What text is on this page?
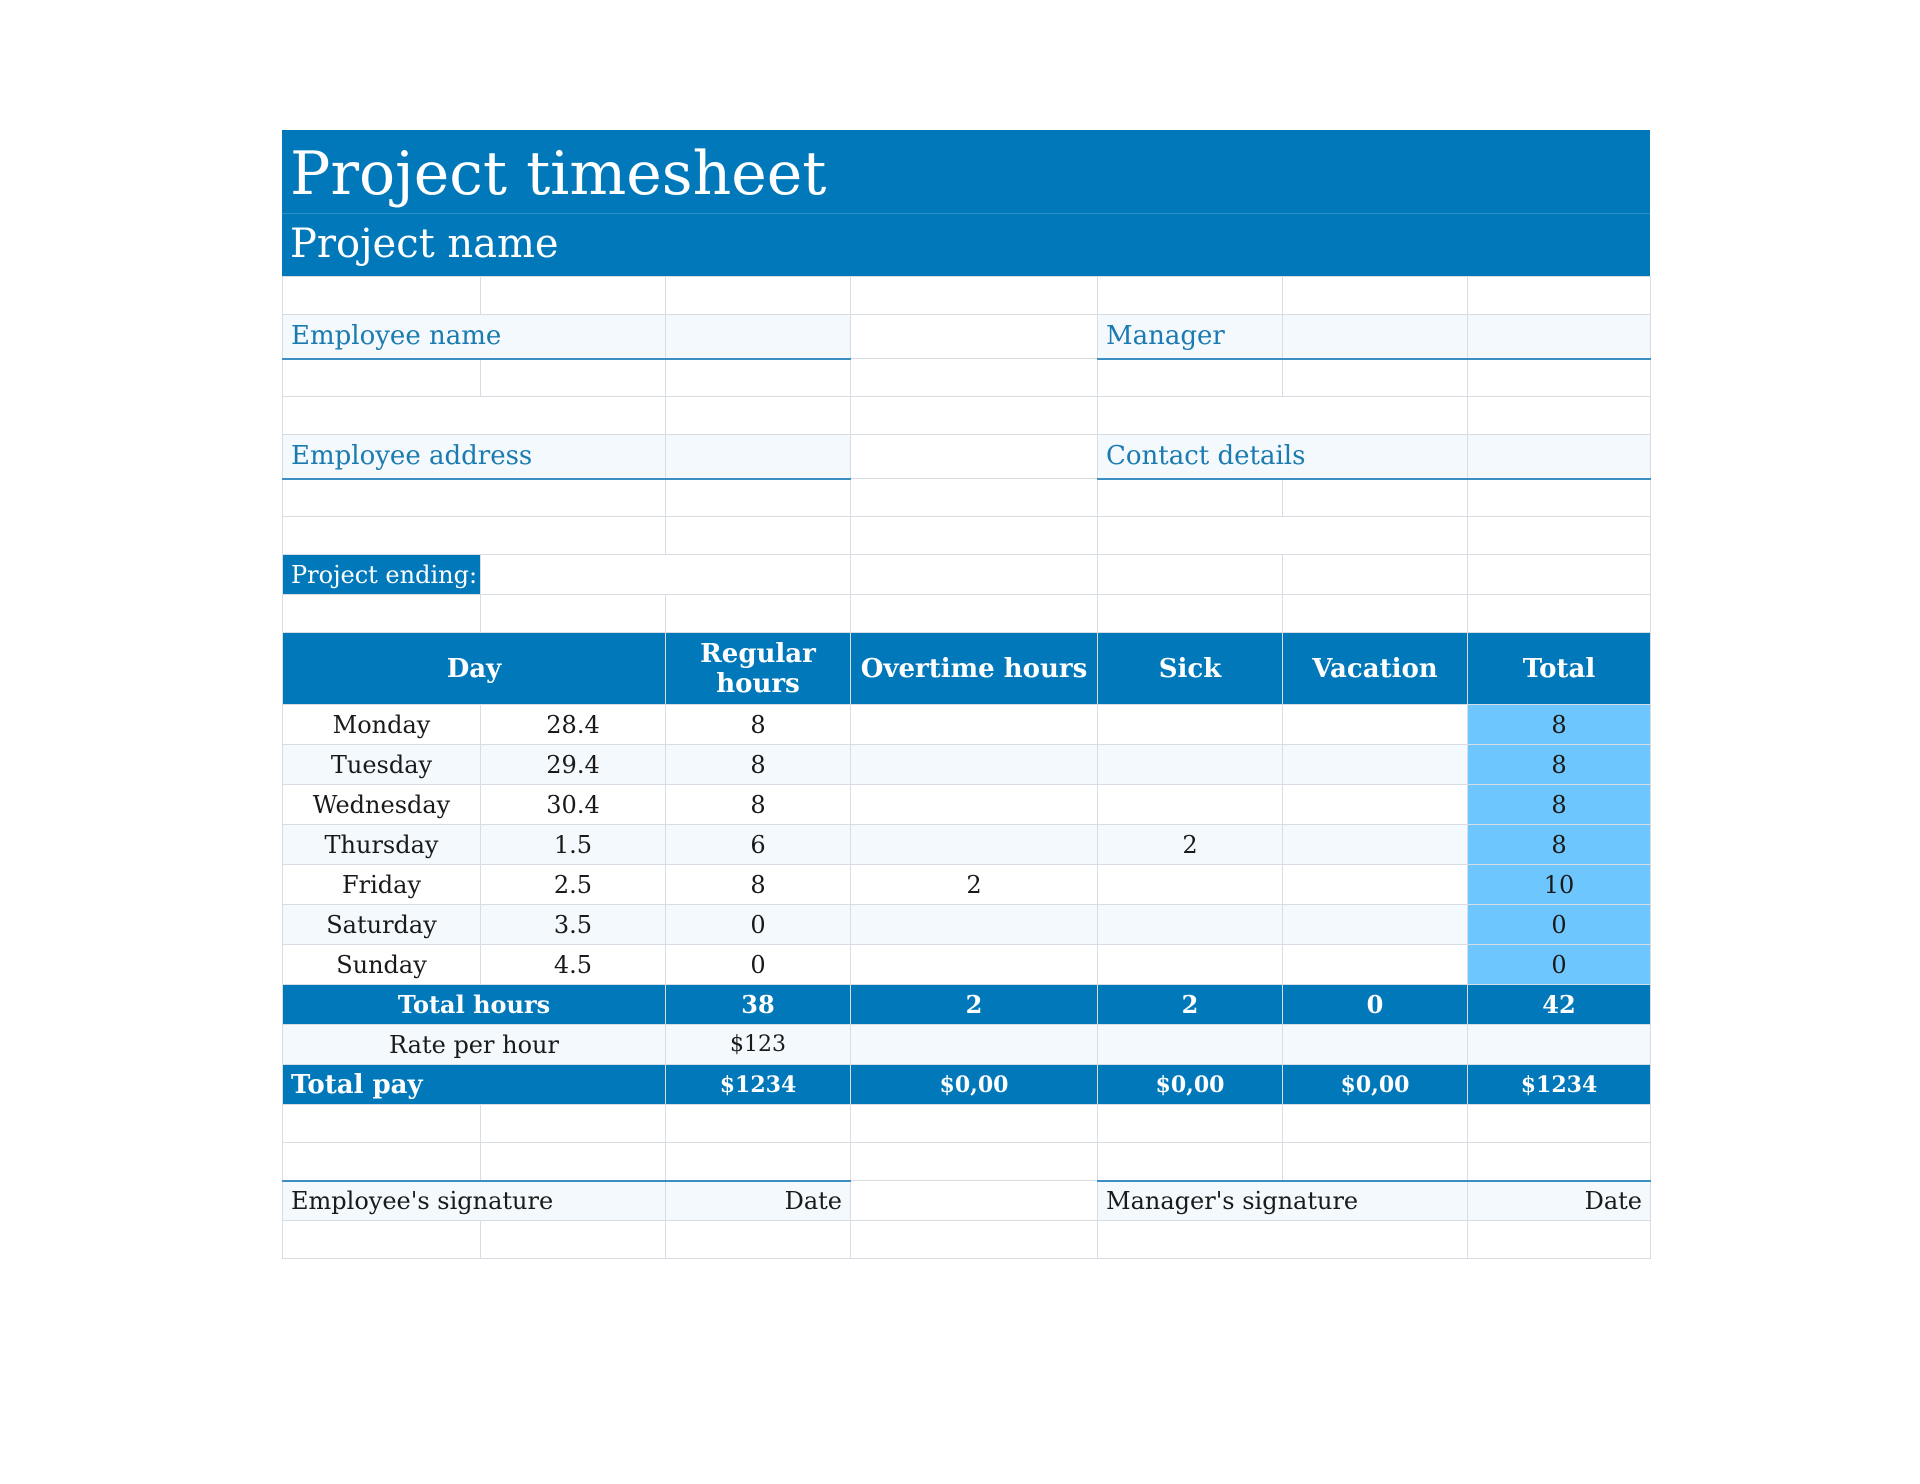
Project timesheet
Project name

Employee name				Manager		

Employee address				Contact details		

Project ending:						

Day		Regular hours	Overtime hours	Sick	Vacation	Total
Monday	28.4	8				8
Tuesday	29.4	8				8
Wednesday	30.4	8				8
Thursday	1.5	6		2		8
Friday	2.5	8	2			10
Saturday	3.5	0				0
Sunday	4.5	0				0
Total hours		38	2	2	0	42
Rate per hour		$123				
Total pay		$1234	$0,00	$0,00	$0,00	$1234

Employee's signature		Date		Manager's signature		Date
